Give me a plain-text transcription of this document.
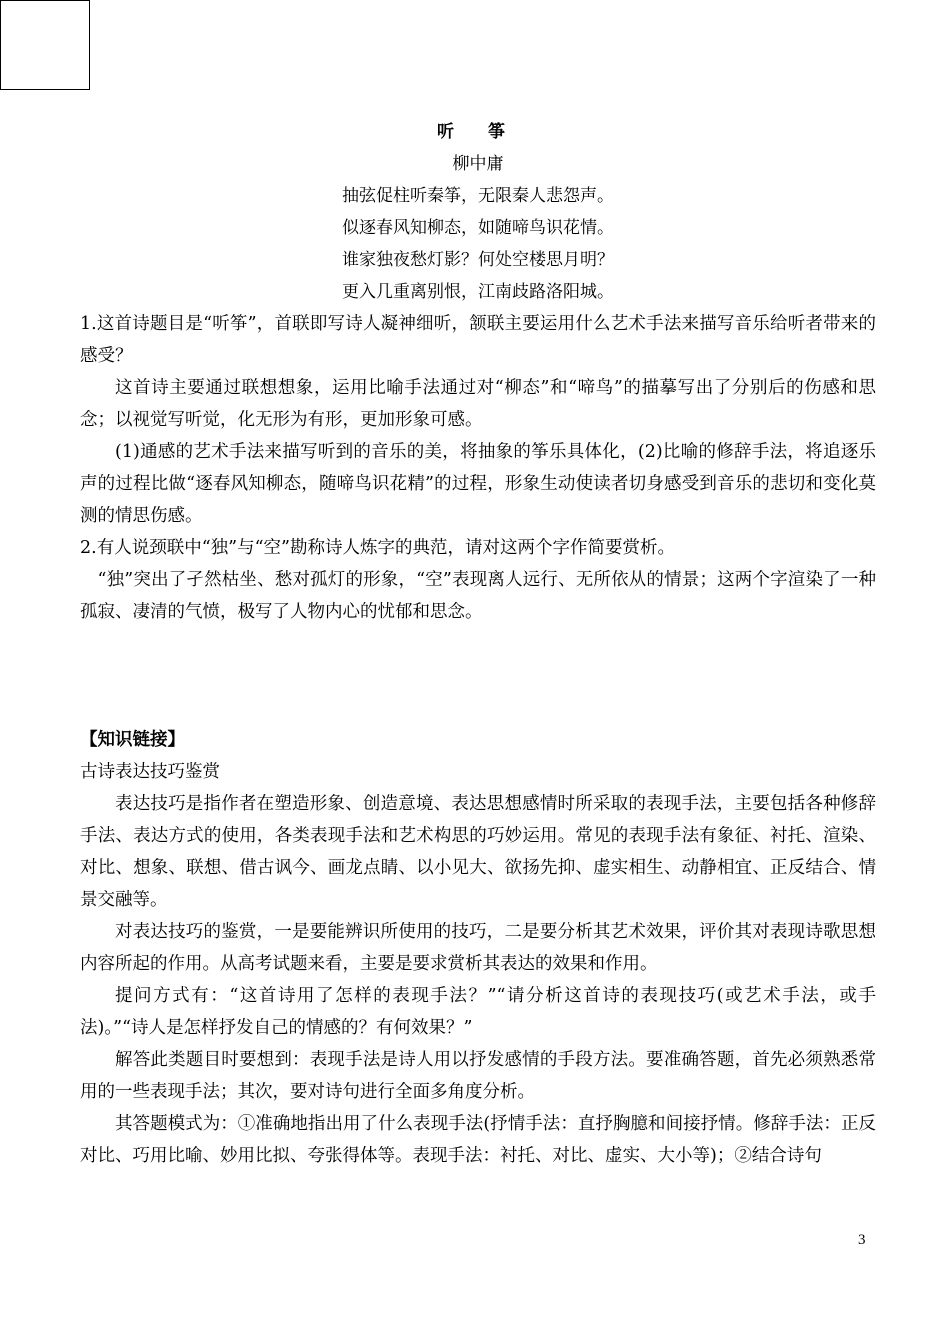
听 筝
柳中庸
抽弦促柱听秦筝，无限秦人悲怨声。
似逐春风知柳态，如随啼鸟识花情。
谁家独夜愁灯影？何处空楼思月明？
更入几重离别恨，江南歧路洛阳城。

1.这首诗题目是“听筝”，首联即写诗人凝神细听，颔联主要运用什么艺术手法来描写音乐给听者带来的感受？

这首诗主要通过联想想象，运用比喻手法通过对“柳态”和“啼鸟”的描摹写出了分别后的伤感和思念；以视觉写听觉，化无形为有形，更加形象可感。

(1)通感的艺术手法来描写听到的音乐的美，将抽象的筝乐具体化，(2)比喻的修辞手法，将追逐乐声的过程比做“逐春风知柳态，随啼鸟识花精”的过程，形象生动使读者切身感受到音乐的悲切和变化莫测的情思伤感。

2.有人说颈联中“独”与“空”勘称诗人炼字的典范，请对这两个字作简要赏析。

“独”突出了孑然枯坐、愁对孤灯的形象，“空”表现离人远行、无所依从的情景；这两个字渲染了一种孤寂、凄清的气愤，极写了人物内心的忧郁和思念。

【知识链接】

古诗表达技巧鉴赏

表达技巧是指作者在塑造形象、创造意境、表达思想感情时所采取的表现手法，主要包括各种修辞手法、表达方式的使用，各类表现手法和艺术构思的巧妙运用。常见的表现手法有象征、衬托、渲染、对比、想象、联想、借古讽今、画龙点睛、以小见大、欲扬先抑、虚实相生、动静相宜、正反结合、情景交融等。

对表达技巧的鉴赏，一是要能辨识所使用的技巧，二是要分析其艺术效果，评价其对表现诗歌思想内容所起的作用。从高考试题来看，主要是要求赏析其表达的效果和作用。

提问方式有：“这首诗用了怎样的表现手法？”“请分析这首诗的表现技巧(或艺术手法，或手法)。”“诗人是怎样抒发自己的情感的？有何效果？”

解答此类题目时要想到：表现手法是诗人用以抒发感情的手段方法。要准确答题，首先必须熟悉常用的一些表现手法；其次，要对诗句进行全面多角度分析。

其答题模式为：①准确地指出用了什么表现手法(抒情手法：直抒胸臆和间接抒情。修辞手法：正反对比、巧用比喻、妙用比拟、夸张得体等。表现手法：衬托、对比、虚实、大小等)；②结合诗句

3
